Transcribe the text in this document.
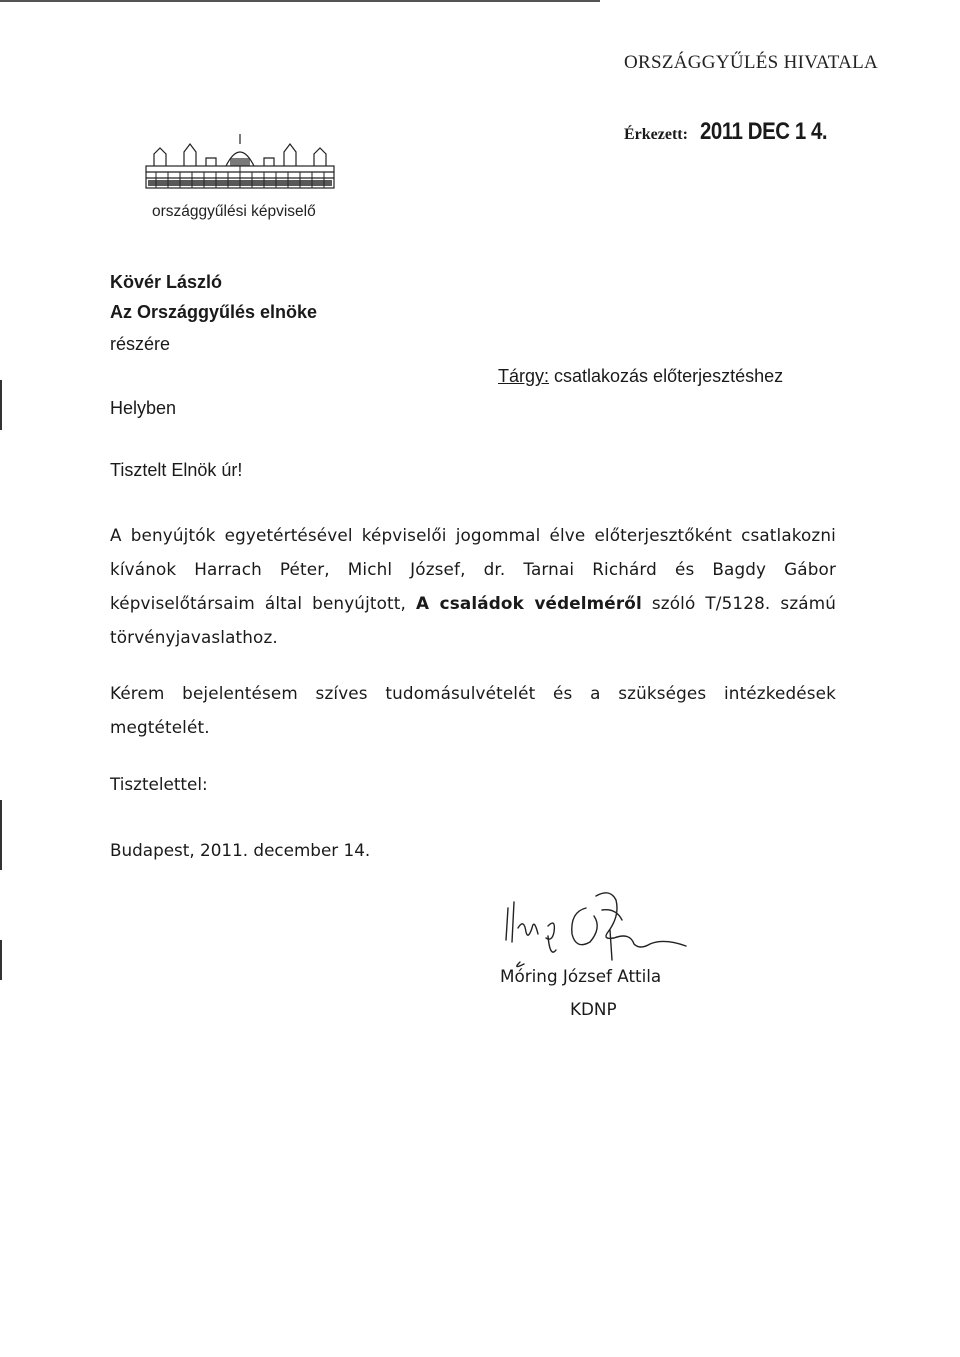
ORSZÁGGYŰLÉS HIVATALA
Érkezett: 2011 DEC 1 4.
országgyűlési képviselő
Kövér László
Az Országgyűlés elnöke
részére
Helyben
Tárgy: csatlakozás előterjesztéshez
Tisztelt Elnök úr!
A benyújtók egyetértésével képviselői jogommal élve előterjesztőként csatlakozni kívánok Harrach Péter, Michl József, dr. Tarnai Richárd és Bagdy Gábor képviselőtársaim által benyújtott, A családok védelméről szóló T/5128. számú törvényjavaslathoz.
Kérem bejelentésem szíves tudomásulvételét és a szükséges intézkedések megtételét.
Tisztelettel:
Budapest, 2011. december 14.
Móring József Attila
KDNP
